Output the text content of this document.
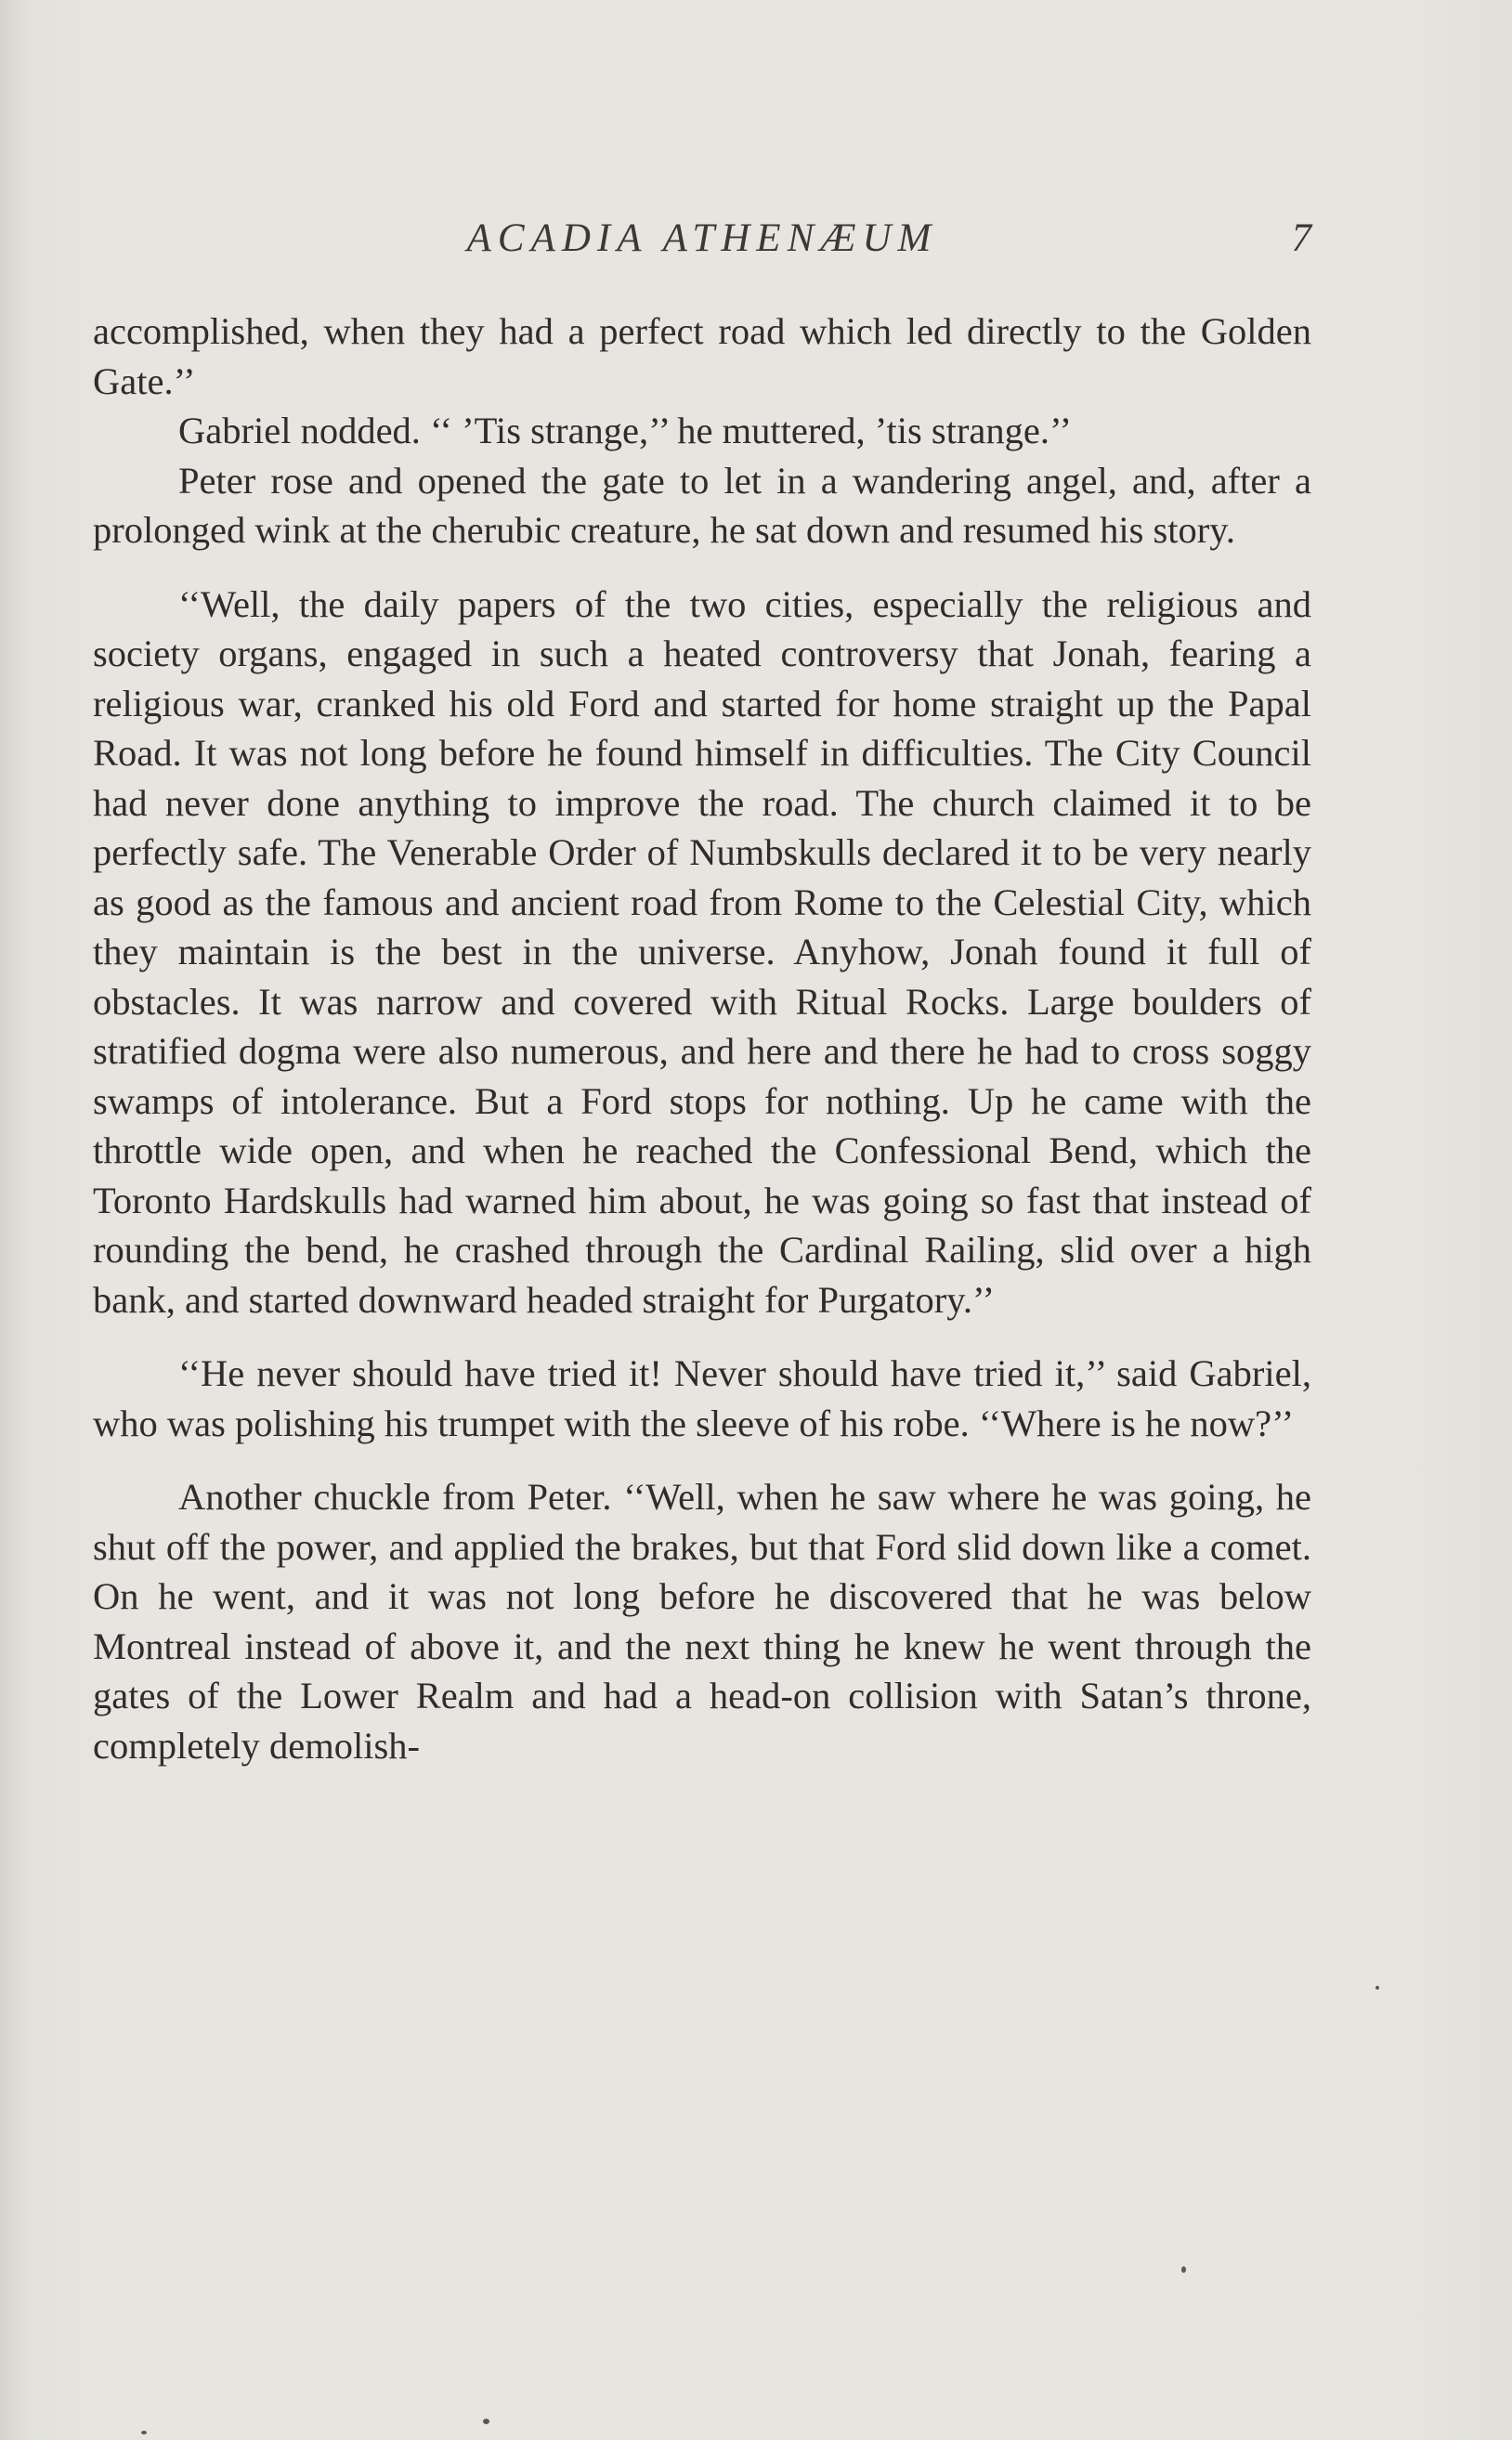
ACADIA ATHENÆUM	7

accomplished, when they had a perfect road which led directly to the Golden Gate.’’

Gabriel nodded. ‘‘ ’Tis strange,’’ he muttered, ’tis strange.’’

Peter rose and opened the gate to let in a wandering angel, and, after a prolonged wink at the cherubic creature, he sat down and resumed his story.

‘‘Well, the daily papers of the two cities, especially the religious and society organs, engaged in such a heated controversy that Jonah, fearing a religious war, cranked his old Ford and started for home straight up the Papal Road. It was not long before he found himself in difficulties. The City Council had never done anything to improve the road. The church claimed it to be perfectly safe. The Venerable Order of Numbskulls declared it to be very nearly as good as the famous and ancient road from Rome to the Celestial City, which they maintain is the best in the universe. Anyhow, Jonah found it full of obstacles. It was narrow and covered with Ritual Rocks. Large boulders of stratified dogma were also numerous, and here and there he had to cross soggy swamps of intolerance. But a Ford stops for nothing. Up he came with the throttle wide open, and when he reached the Confessional Bend, which the Toronto Hardskulls had warned him about, he was going so fast that instead of rounding the bend, he crashed through the Cardinal Railing, slid over a high bank, and started downward headed straight for Purgatory.’’

‘‘He never should have tried it! Never should have tried it,’’ said Gabriel, who was polishing his trumpet with the sleeve of his robe. ‘‘Where is he now?’’

Another chuckle from Peter. ‘‘Well, when he saw where he was going, he shut off the power, and applied the brakes, but that Ford slid down like a comet. On he went, and it was not long before he discovered that he was below Montreal instead of above it, and the next thing he knew he went through the gates of the Lower Realm and had a head-on collision with Satan’s throne, completely demolish-
